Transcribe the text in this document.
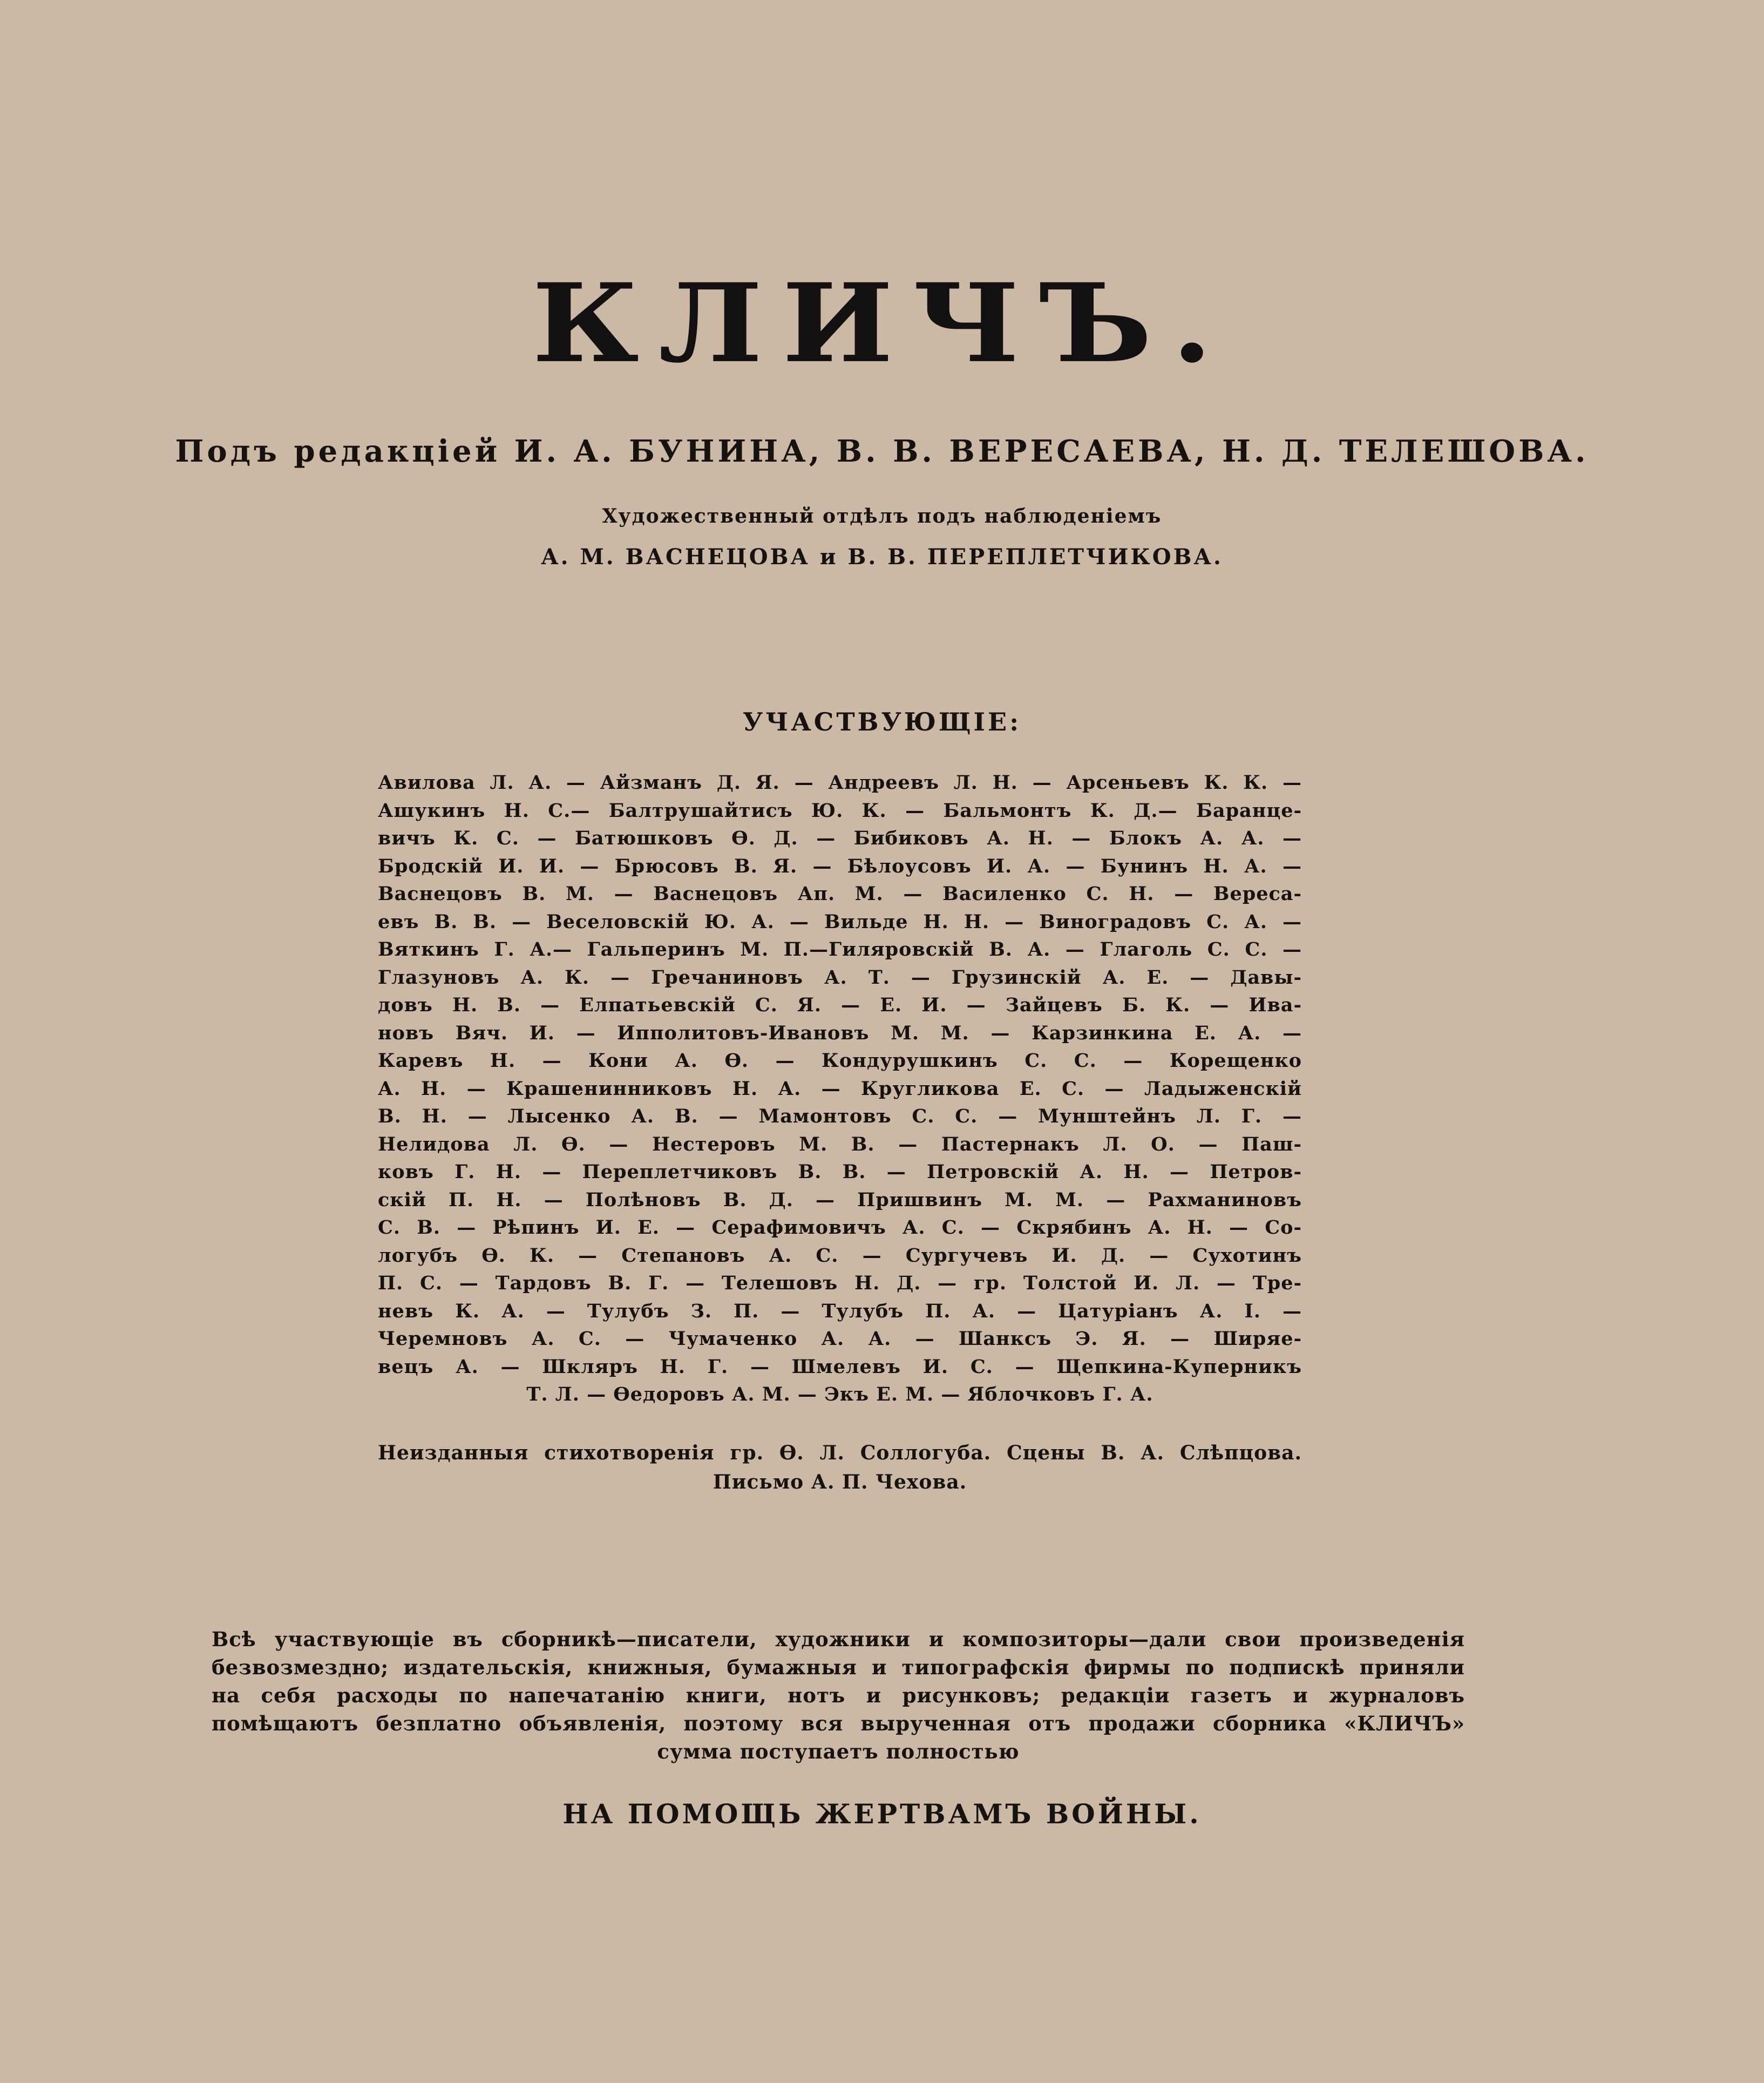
КЛИЧЪ.
Подъ редакціей И. А. БУНИНА, В. В. ВЕРЕСАЕВА, Н. Д. ТЕЛЕШОВА.
Художественный отдѣлъ подъ наблюденіемъ
А. М. ВАСНЕЦОВА и В. В. ПЕРЕПЛЕТЧИКОВА.
УЧАСТВУЮЩІЕ:
Авилова Л. А. — Айзманъ Д. Я. — Андреевъ Л. Н. — Арсеньевъ К. К. —
Ашукинъ Н. С.— Балтрушайтисъ Ю. К. — Бальмонтъ К. Д.— Баранце-
вичъ К. С. — Батюшковъ Ѳ. Д. — Бибиковъ А. Н. — Блокъ А. А. —
Бродскій И. И. — Брюсовъ В. Я. — Бѣлоусовъ И. А. — Бунинъ Н. А. —
Васнецовъ В. М. — Васнецовъ Ап. М. — Василенко С. Н. — Вереса-
евъ В. В. — Веселовскій Ю. А. — Вильде Н. Н. — Виноградовъ С. А. —
Вяткинъ Г. А.— Гальперинъ М. П.—Гиляровскій В. А. — Глаголь С. С. —
Глазуновъ А. К. — Гречаниновъ А. Т. — Грузинскій А. Е. — Давы-
довъ Н. В. — Елпатьевскій С. Я. — Е. И. — Зайцевъ Б. К. — Ива-
новъ Вяч. И. — Ипполитовъ-Ивановъ М. М. — Карзинкина Е. А. —
Каревъ Н. — Кони А. Ѳ. — Кондурушкинъ С. С. — Корещенко
А. Н. — Крашенинниковъ Н. А. — Кругликова Е. С. — Ладыженскій
В. Н. — Лысенко А. В. — Мамонтовъ С. С. — Мунштейнъ Л. Г. —
Нелидова Л. Ѳ. — Нестеровъ М. В. — Пастернакъ Л. О. — Паш-
ковъ Г. Н. — Переплетчиковъ В. В. — Петровскій А. Н. — Петров-
скій П. Н. — Полѣновъ В. Д. — Пришвинъ М. М. — Рахманиновъ
С. В. — Рѣпинъ И. Е. — Серафимовичъ А. С. — Скрябинъ А. Н. — Со-
логубъ Ѳ. К. — Степановъ А. С. — Сургучевъ И. Д. — Сухотинъ
П. С. — Тардовъ В. Г. — Телешовъ Н. Д. — гр. Толстой И. Л. — Тре-
невъ К. А. — Тулубъ З. П. — Тулубъ П. А. — Цатуріанъ А. І. —
Черемновъ А. С. — Чумаченко А. А. — Шанксъ Э. Я. — Ширяе-
вецъ А. — Шкляръ Н. Г. — Шмелевъ И. С. — Щепкина-Куперникъ
Т. Л. — Ѳедоровъ А. М. — Экъ Е. М. — Яблочковъ Г. А.
Неизданныя стихотворенія гр. Ѳ. Л. Соллогуба. Сцены В. А. Слѣпцова.
Письмо А. П. Чехова.
Всѣ участвующіе въ сборникѣ—писатели, художники и композиторы—дали свои произведенія
безвозмездно; издательскія, книжныя, бумажныя и типографскія фирмы по подпискѣ приняли
на себя расходы по напечатанію книги, нотъ и рисунковъ; редакціи газетъ и журналовъ
помѣщаютъ безплатно объявленія, поэтому вся вырученная отъ продажи сборника «КЛИЧЪ»
сумма поступаетъ полностью
НА ПОМОЩЬ ЖЕРТВАМЪ ВОЙНЫ.
